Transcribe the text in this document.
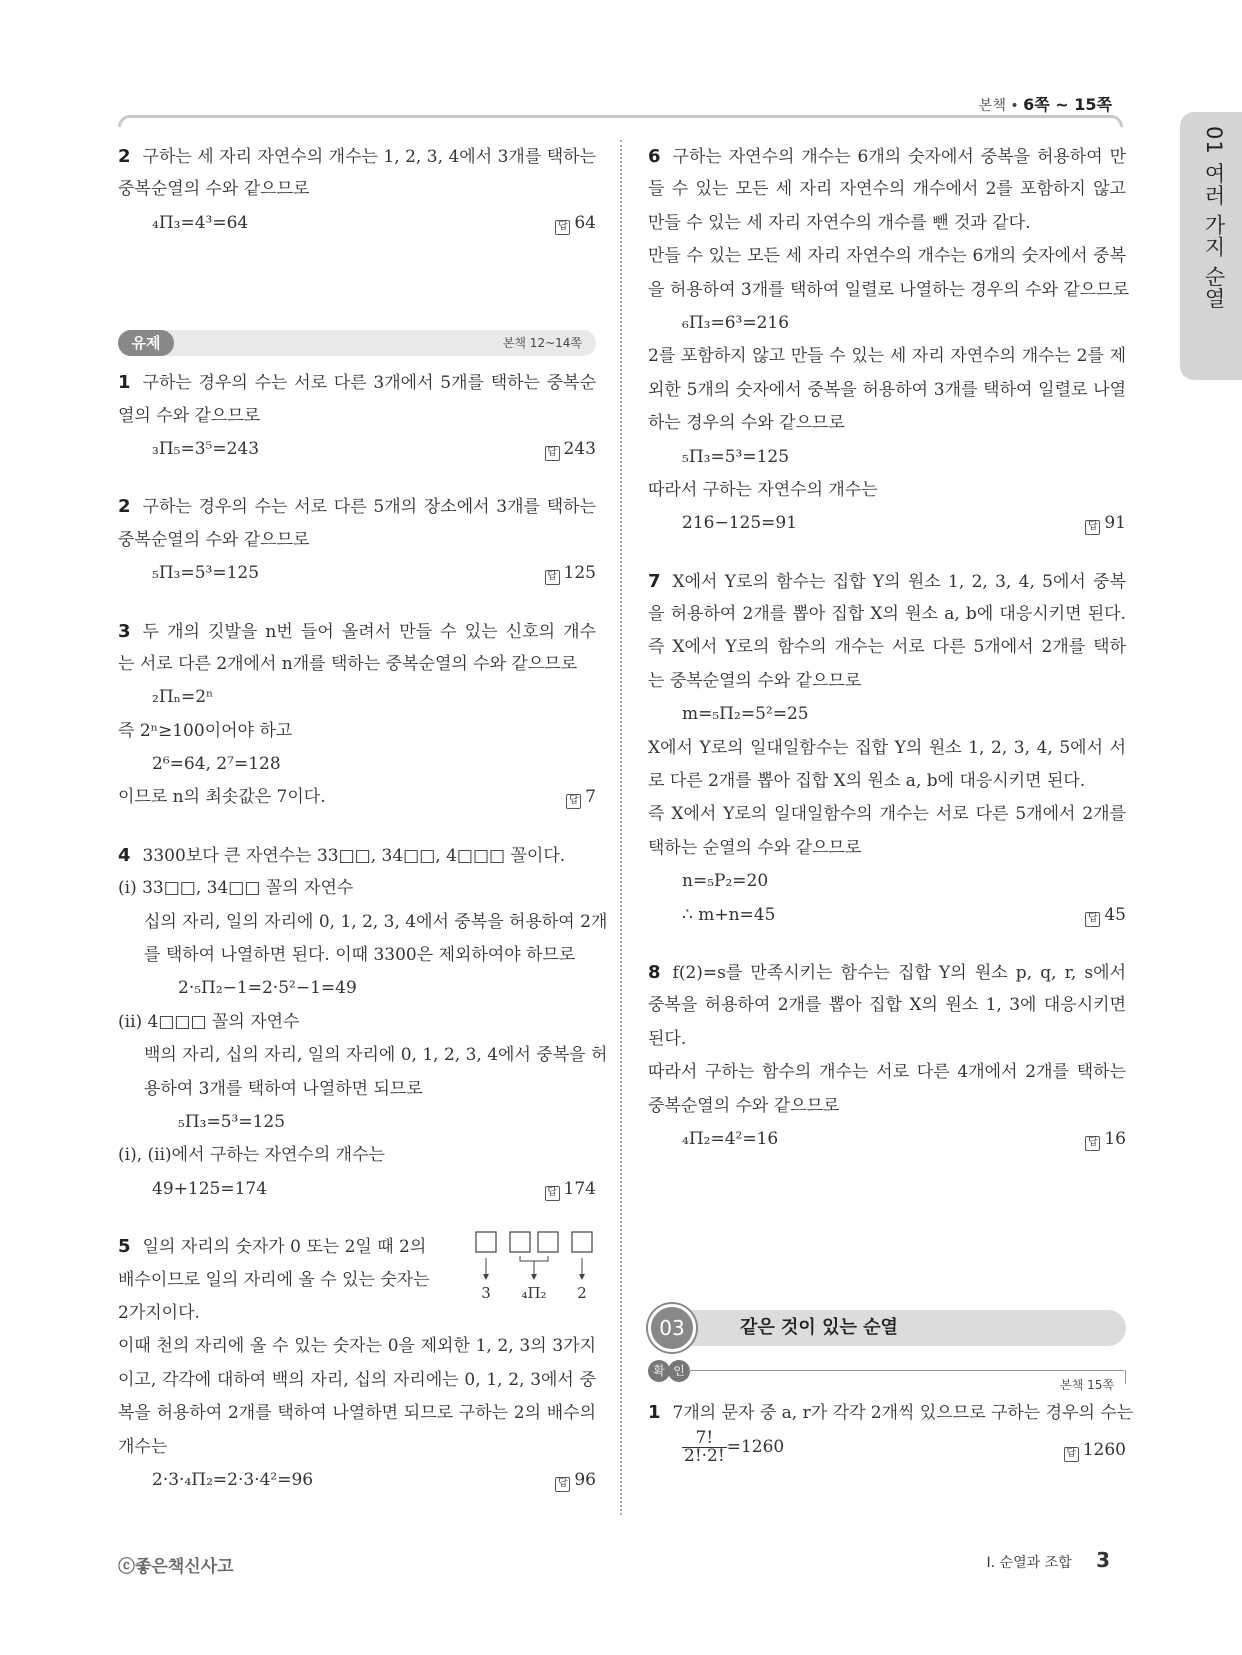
본책 • 6쪽 ~ 15쪽
01 여러 가지 순열
2 구하는 세 자리 자연수의 개수는 1, 2, 3, 4에서 3개를 택하는
중복순열의 수와 같으므로
₄Π₃=4³=64	답 64
유제	본책 12~14쪽
1 구하는 경우의 수는 서로 다른 3개에서 5개를 택하는 중복순
열의 수와 같으므로
₃Π₅=3⁵=243	답 243
2 구하는 경우의 수는 서로 다른 5개의 장소에서 3개를 택하는
중복순열의 수와 같으므로
₅Π₃=5³=125	답 125
3 두 개의 깃발을 n번 들어 올려서 만들 수 있는 신호의 개수
는 서로 다른 2개에서 n개를 택하는 중복순열의 수와 같으므로
₂Πₙ=2ⁿ
즉 2ⁿ≥100이어야 하고
2⁶=64, 2⁷=128
이므로 n의 최솟값은 7이다.	답 7
4 3300보다 큰 자연수는 33□□, 34□□, 4□□□ 꼴이다.
(i) 33□□, 34□□ 꼴의 자연수
십의 자리, 일의 자리에 0, 1, 2, 3, 4에서 중복을 허용하여 2개
를 택하여 나열하면 된다. 이때 3300은 제외하여야 하므로
2·₅Π₂−1=2·5²−1=49
(ii) 4□□□ 꼴의 자연수
백의 자리, 십의 자리, 일의 자리에 0, 1, 2, 3, 4에서 중복을 허
용하여 3개를 택하여 나열하면 되므로
₅Π₃=5³=125
(i), (ii)에서 구하는 자연수의 개수는
49+125=174	답 174
3 ₄Π₂ 2
5 일의 자리의 숫자가 0 또는 2일 때 2의
배수이므로 일의 자리에 올 수 있는 숫자는
2가지이다.
이때 천의 자리에 올 수 있는 숫자는 0을 제외한 1, 2, 3의 3가지
이고, 각각에 대하여 백의 자리, 십의 자리에는 0, 1, 2, 3에서 중
복을 허용하여 2개를 택하여 나열하면 되므로 구하는 2의 배수의
개수는
2·3·₄Π₂=2·3·4²=96	답 96
6 구하는 자연수의 개수는 6개의 숫자에서 중복을 허용하여 만
들 수 있는 모든 세 자리 자연수의 개수에서 2를 포함하지 않고
만들 수 있는 세 자리 자연수의 개수를 뺀 것과 같다.
만들 수 있는 모든 세 자리 자연수의 개수는 6개의 숫자에서 중복
을 허용하여 3개를 택하여 일렬로 나열하는 경우의 수와 같으므로
₆Π₃=6³=216
2를 포함하지 않고 만들 수 있는 세 자리 자연수의 개수는 2를 제
외한 5개의 숫자에서 중복을 허용하여 3개를 택하여 일렬로 나열
하는 경우의 수와 같으므로
₅Π₃=5³=125
따라서 구하는 자연수의 개수는
216−125=91	답 91
7 X에서 Y로의 함수는 집합 Y의 원소 1, 2, 3, 4, 5에서 중복
을 허용하여 2개를 뽑아 집합 X의 원소 a, b에 대응시키면 된다.
즉 X에서 Y로의 함수의 개수는 서로 다른 5개에서 2개를 택하
는 중복순열의 수와 같으므로
m=₅Π₂=5²=25
X에서 Y로의 일대일함수는 집합 Y의 원소 1, 2, 3, 4, 5에서 서
로 다른 2개를 뽑아 집합 X의 원소 a, b에 대응시키면 된다.
즉 X에서 Y로의 일대일함수의 개수는 서로 다른 5개에서 2개를
택하는 순열의 수와 같으므로
n=₅P₂=20
∴ m+n=45	답 45
8 f(2)=s를 만족시키는 함수는 집합 Y의 원소 p, q, r, s에서
중복을 허용하여 2개를 뽑아 집합 X의 원소 1, 3에 대응시키면
된다.
따라서 구하는 함수의 개수는 서로 다른 4개에서 2개를 택하는
중복순열의 수와 같으므로
₄Π₂=4²=16	답 16
03	같은 것이 있는 순열
확 인
본책 15쪽
1 7개의 문자 중 a, r가 각각 2개씩 있으므로 구하는 경우의 수는
$\frac{7!}{2!\cdot 2!} =1260$	답 1260
ⓒ좋은책신사고	I. 순열과 조합 3
